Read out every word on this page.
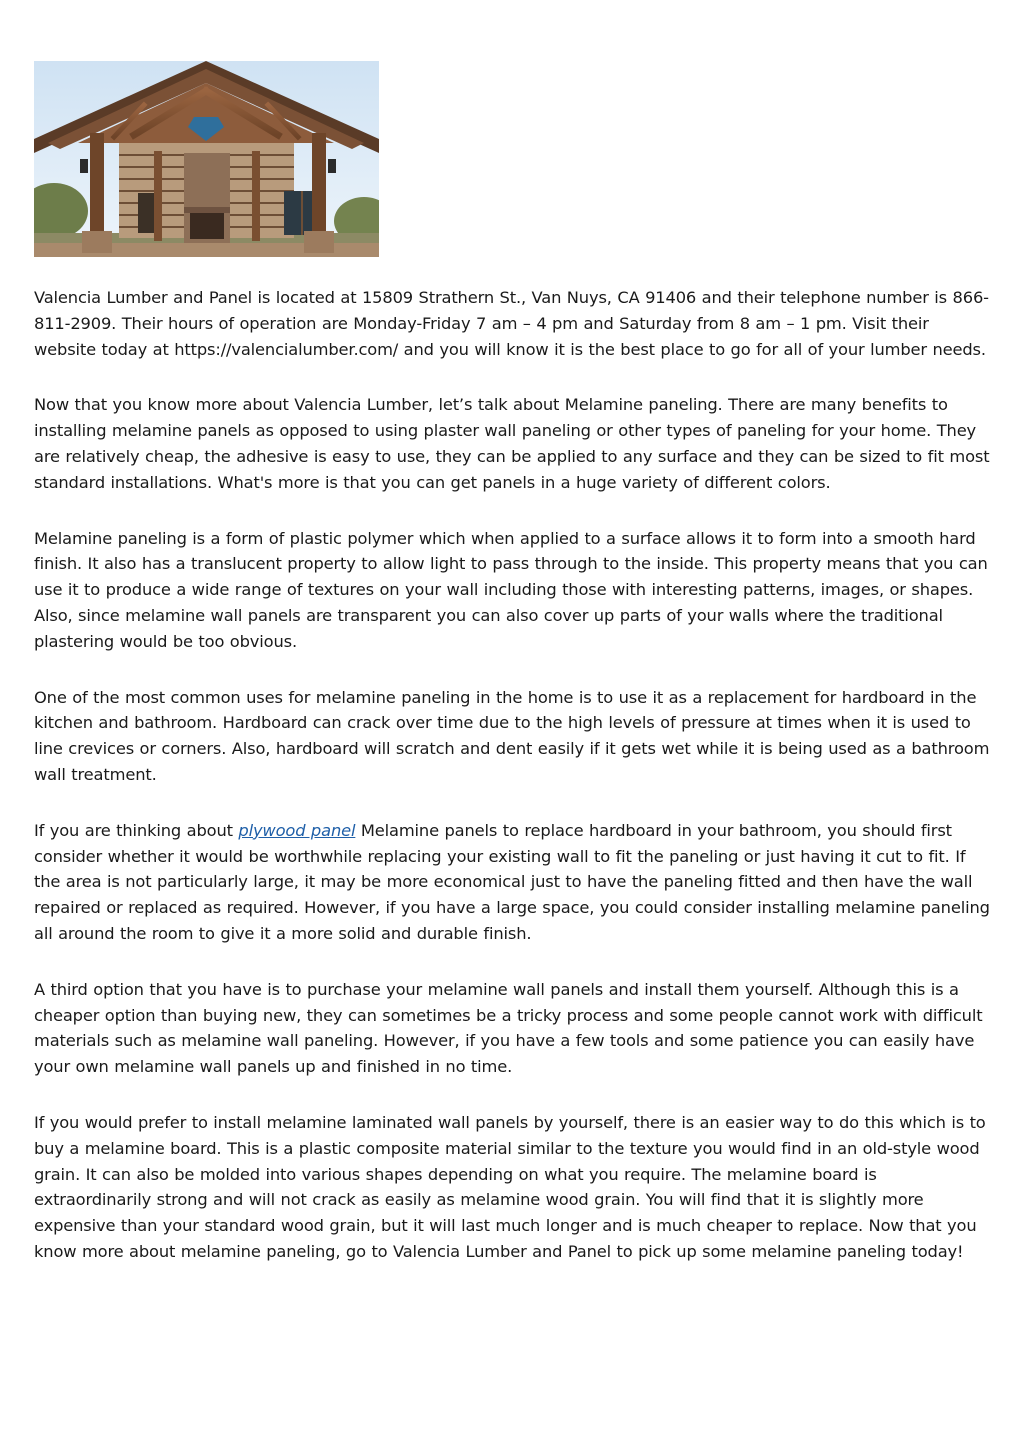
Valencia Lumber and Panel is located at 15809 Strathern St., Van Nuys, CA 91406 and their telephone number is 866-811-2909. Their hours of operation are Monday-Friday 7 am – 4 pm and Saturday from 8 am – 1 pm. Visit their website today at https://valencialumber.com/ and you will know it is the best place to go for all of your lumber needs.

Now that you know more about Valencia Lumber, let’s talk about Melamine paneling. There are many benefits to installing melamine panels as opposed to using plaster wall paneling or other types of paneling for your home. They are relatively cheap, the adhesive is easy to use, they can be applied to any surface and they can be sized to fit most standard installations. What's more is that you can get panels in a huge variety of different colors.

Melamine paneling is a form of plastic polymer which when applied to a surface allows it to form into a smooth hard finish. It also has a translucent property to allow light to pass through to the inside. This property means that you can use it to produce a wide range of textures on your wall including those with interesting patterns, images, or shapes. Also, since melamine wall panels are transparent you can also cover up parts of your walls where the traditional plastering would be too obvious.

One of the most common uses for melamine paneling in the home is to use it as a replacement for hardboard in the kitchen and bathroom. Hardboard can crack over time due to the high levels of pressure at times when it is used to line crevices or corners. Also, hardboard will scratch and dent easily if it gets wet while it is being used as a bathroom wall treatment.

If you are thinking about plywood panel Melamine panels to replace hardboard in your bathroom, you should first consider whether it would be worthwhile replacing your existing wall to fit the paneling or just having it cut to fit. If the area is not particularly large, it may be more economical just to have the paneling fitted and then have the wall repaired or replaced as required. However, if you have a large space, you could consider installing melamine paneling all around the room to give it a more solid and durable finish.

A third option that you have is to purchase your melamine wall panels and install them yourself. Although this is a cheaper option than buying new, they can sometimes be a tricky process and some people cannot work with difficult materials such as melamine wall paneling. However, if you have a few tools and some patience you can easily have your own melamine wall panels up and finished in no time.

If you would prefer to install melamine laminated wall panels by yourself, there is an easier way to do this which is to buy a melamine board. This is a plastic composite material similar to the texture you would find in an old-style wood grain. It can also be molded into various shapes depending on what you require. The melamine board is extraordinarily strong and will not crack as easily as melamine wood grain. You will find that it is slightly more expensive than your standard wood grain, but it will last much longer and is much cheaper to replace. Now that you know more about melamine paneling, go to Valencia Lumber and Panel to pick up some melamine paneling today!
